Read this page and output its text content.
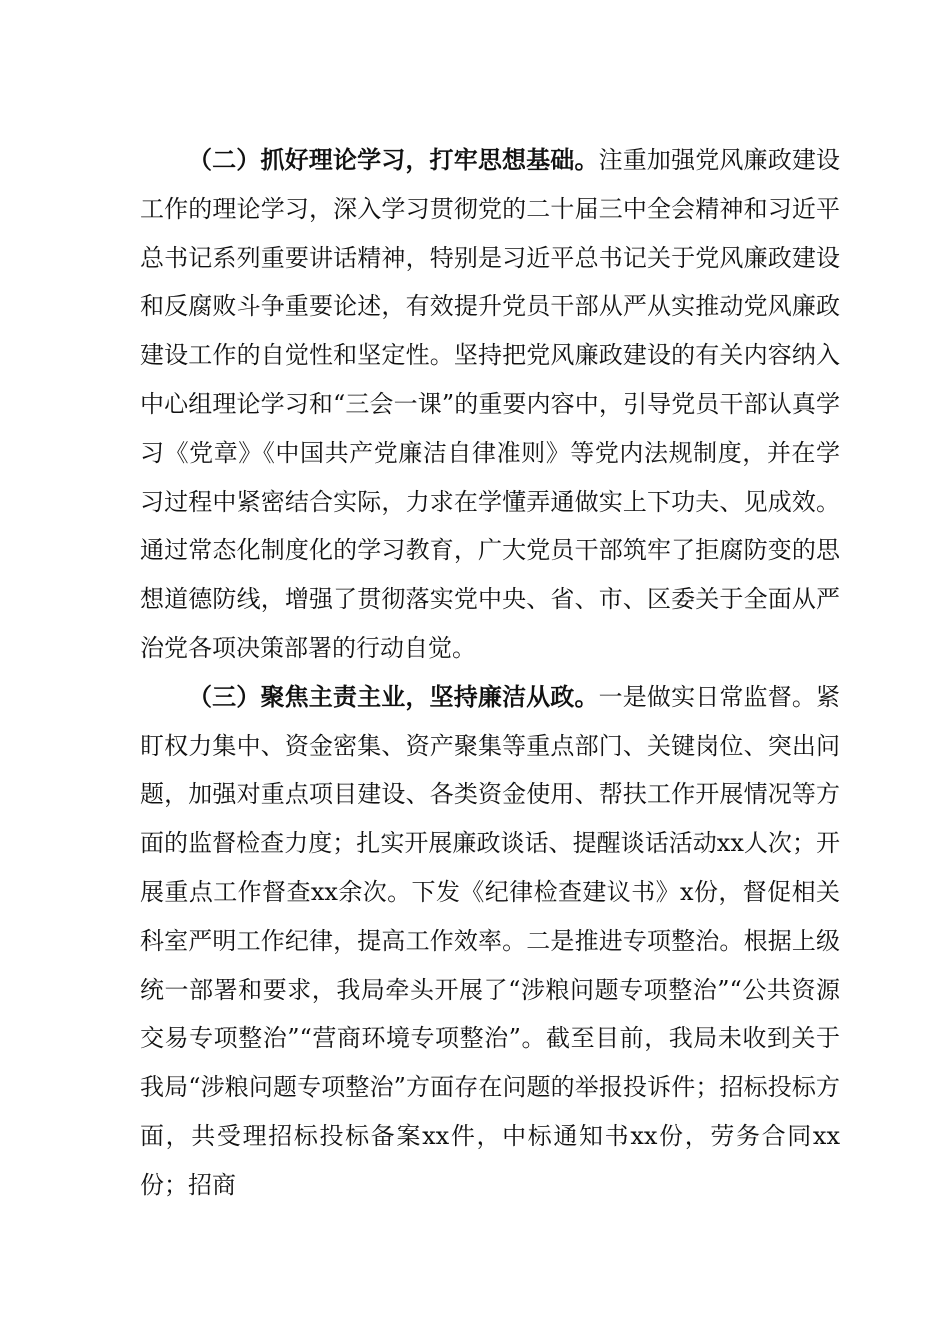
（二）抓好理论学习，打牢思想基础。注重加强党风廉政建设工作的理论学习，深入学习贯彻党的二十届三中全会精神和习近平总书记系列重要讲话精神，特别是习近平总书记关于党风廉政建设和反腐败斗争重要论述，有效提升党员干部从严从实推动党风廉政建设工作的自觉性和坚定性。坚持把党风廉政建设的有关内容纳入中心组理论学习和“三会一课”的重要内容中，引导党员干部认真学习《党章》《中国共产党廉洁自律准则》等党内法规制度，并在学习过程中紧密结合实际，力求在学懂弄通做实上下功夫、见成效。通过常态化制度化的学习教育，广大党员干部筑牢了拒腐防变的思想道德防线，增强了贯彻落实党中央、省、市、区委关于全面从严治党各项决策部署的行动自觉。

（三）聚焦主责主业，坚持廉洁从政。一是做实日常监督。紧盯权力集中、资金密集、资产聚集等重点部门、关键岗位、突出问题，加强对重点项目建设、各类资金使用、帮扶工作开展情况等方面的监督检查力度；扎实开展廉政谈话、提醒谈话活动xx人次；开展重点工作督查xx余次。下发《纪律检查建议书》x份，督促相关科室严明工作纪律，提高工作效率。二是推进专项整治。根据上级统一部署和要求，我局牵头开展了“涉粮问题专项整治”“公共资源交易专项整治”“营商环境专项整治”。截至目前，我局未收到关于我局“涉粮问题专项整治”方面存在问题的举报投诉件；招标投标方面，共受理招标投标备案xx件，中标通知书xx份，劳务合同xx份；招商
